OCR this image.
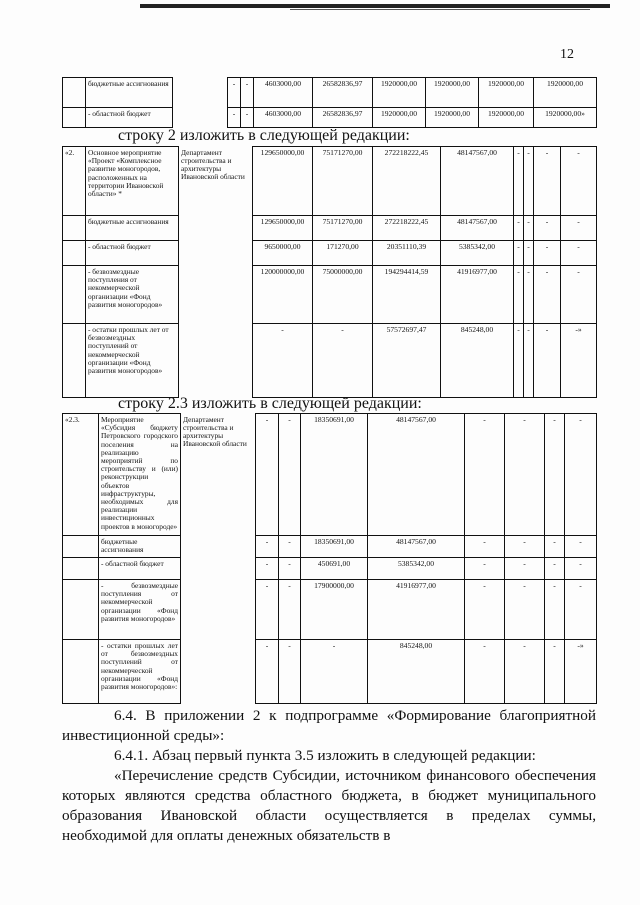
12
	бюджетные ассигнования		-	-	4603000,00	26582836,97	1920000,00	1920000,00	1920000,00	1920000,00
	- областной бюджет		-	-	4603000,00	26582836,97	1920000,00	1920000,00	1920000,00	1920000,00»
строку 2 изложить в следующей редакции:
«2.	Основное мероприятие «Проект «Комплексное развитие моногородов, расположенных на территории Ивановской области» *	Департамент строительства и архитектуры Ивановской области	129650000,00	75171270,00	272218222,45	48147567,00	-	-	-	-
	бюджетные ассигнования		129650000,00	75171270,00	272218222,45	48147567,00	-	-	-	-
	- областной бюджет		9650000,00	171270,00	20351110,39	5385342,00	-	-	-	-
	- безвозмездные поступления от некоммерческой организации «Фонд развития моногородов»		120000000,00	75000000,00	194294414,59	41916977,00	-	-	-	-
	- остатки прошлых лет от безвозмездных поступлений от некоммерческой организации «Фонд развития моногородов»		-	-	57572697,47	845248,00	-	-	-	-»
строку 2.3 изложить в следующей редакции:
«2.3.	Мероприятие «Субсидия бюджету Петровского городского поселения на реализацию мероприятий по строительству и (или) реконструкции объектов инфраструктуры, необходимых для реализации инвестиционных проектов в моногороде»	Департамент строительства и архитектуры Ивановской области	-	-	18350691,00	48147567,00	-	-	-	-
	бюджетные ассигнования		-	-	18350691,00	48147567,00	-	-	-	-
	- областной бюджет		-	-	450691,00	5385342,00	-	-	-	-
	- безвозмездные поступления от некоммерческой организации «Фонд развития моногородов»		-	-	17900000,00	41916977,00	-	-	-	-
	- остатки прошлых лет от безвозмездных поступлений от некоммерческой организации «Фонд развития моногородов»:		-	-	-	845248,00	-	-	-	-»
6.4. В приложении 2 к подпрограмме «Формирование благоприятной инвестиционной среды»:
6.4.1. Абзац первый пункта 3.5 изложить в следующей редакции:
«Перечисление средств Субсидии, источником финансового обеспечения которых являются средства областного бюджета, в бюджет муниципального образования Ивановской области осуществляется в пределах суммы, необходимой для оплаты денежных обязательств в
